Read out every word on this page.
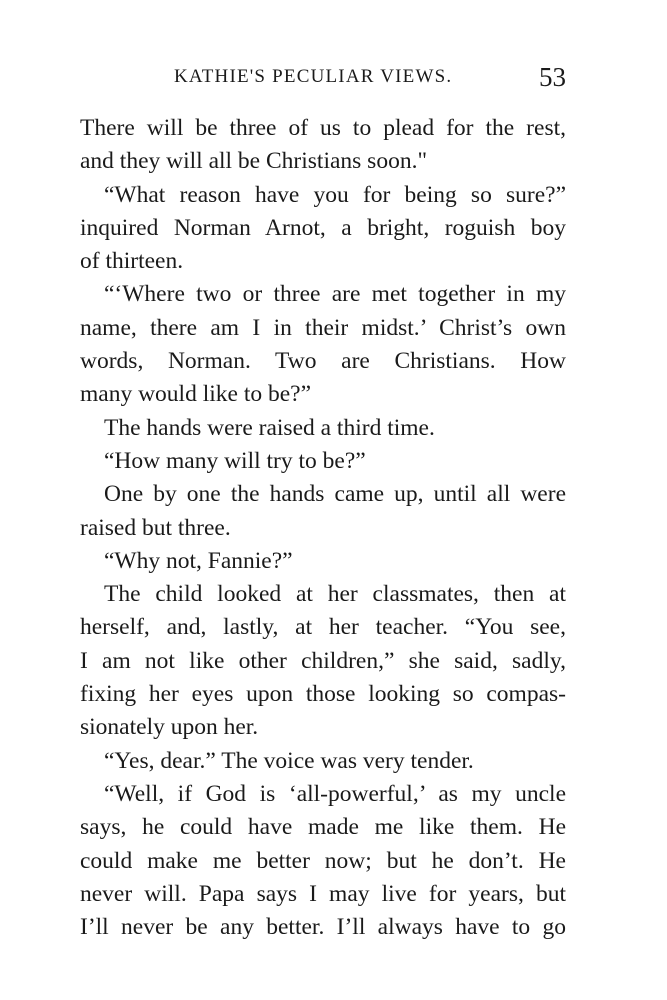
KATHIE'S PECULIAR VIEWS.	53
There will be three of us to plead for the rest,
and they will all be Christians soon."
“What reason have you for being so sure?”
inquired Norman Arnot, a bright, roguish boy
of thirteen.
“‘Where two or three are met together in my
name, there am I in their midst.’ Christ’s own
words, Norman. Two are Christians. How
many would like to be?”
The hands were raised a third time.
“How many will try to be?”
One by one the hands came up, until all were
raised but three.
“Why not, Fannie?”
The child looked at her classmates, then at
herself, and, lastly, at her teacher. “You see,
I am not like other children,” she said, sadly,
fixing her eyes upon those looking so compas-
sionately upon her.
“Yes, dear.” The voice was very tender.
“Well, if God is ‘all-powerful,’ as my uncle
says, he could have made me like them. He
could make me better now; but he don’t. He
never will. Papa says I may live for years, but
I’ll never be any better. I’ll always have to go
